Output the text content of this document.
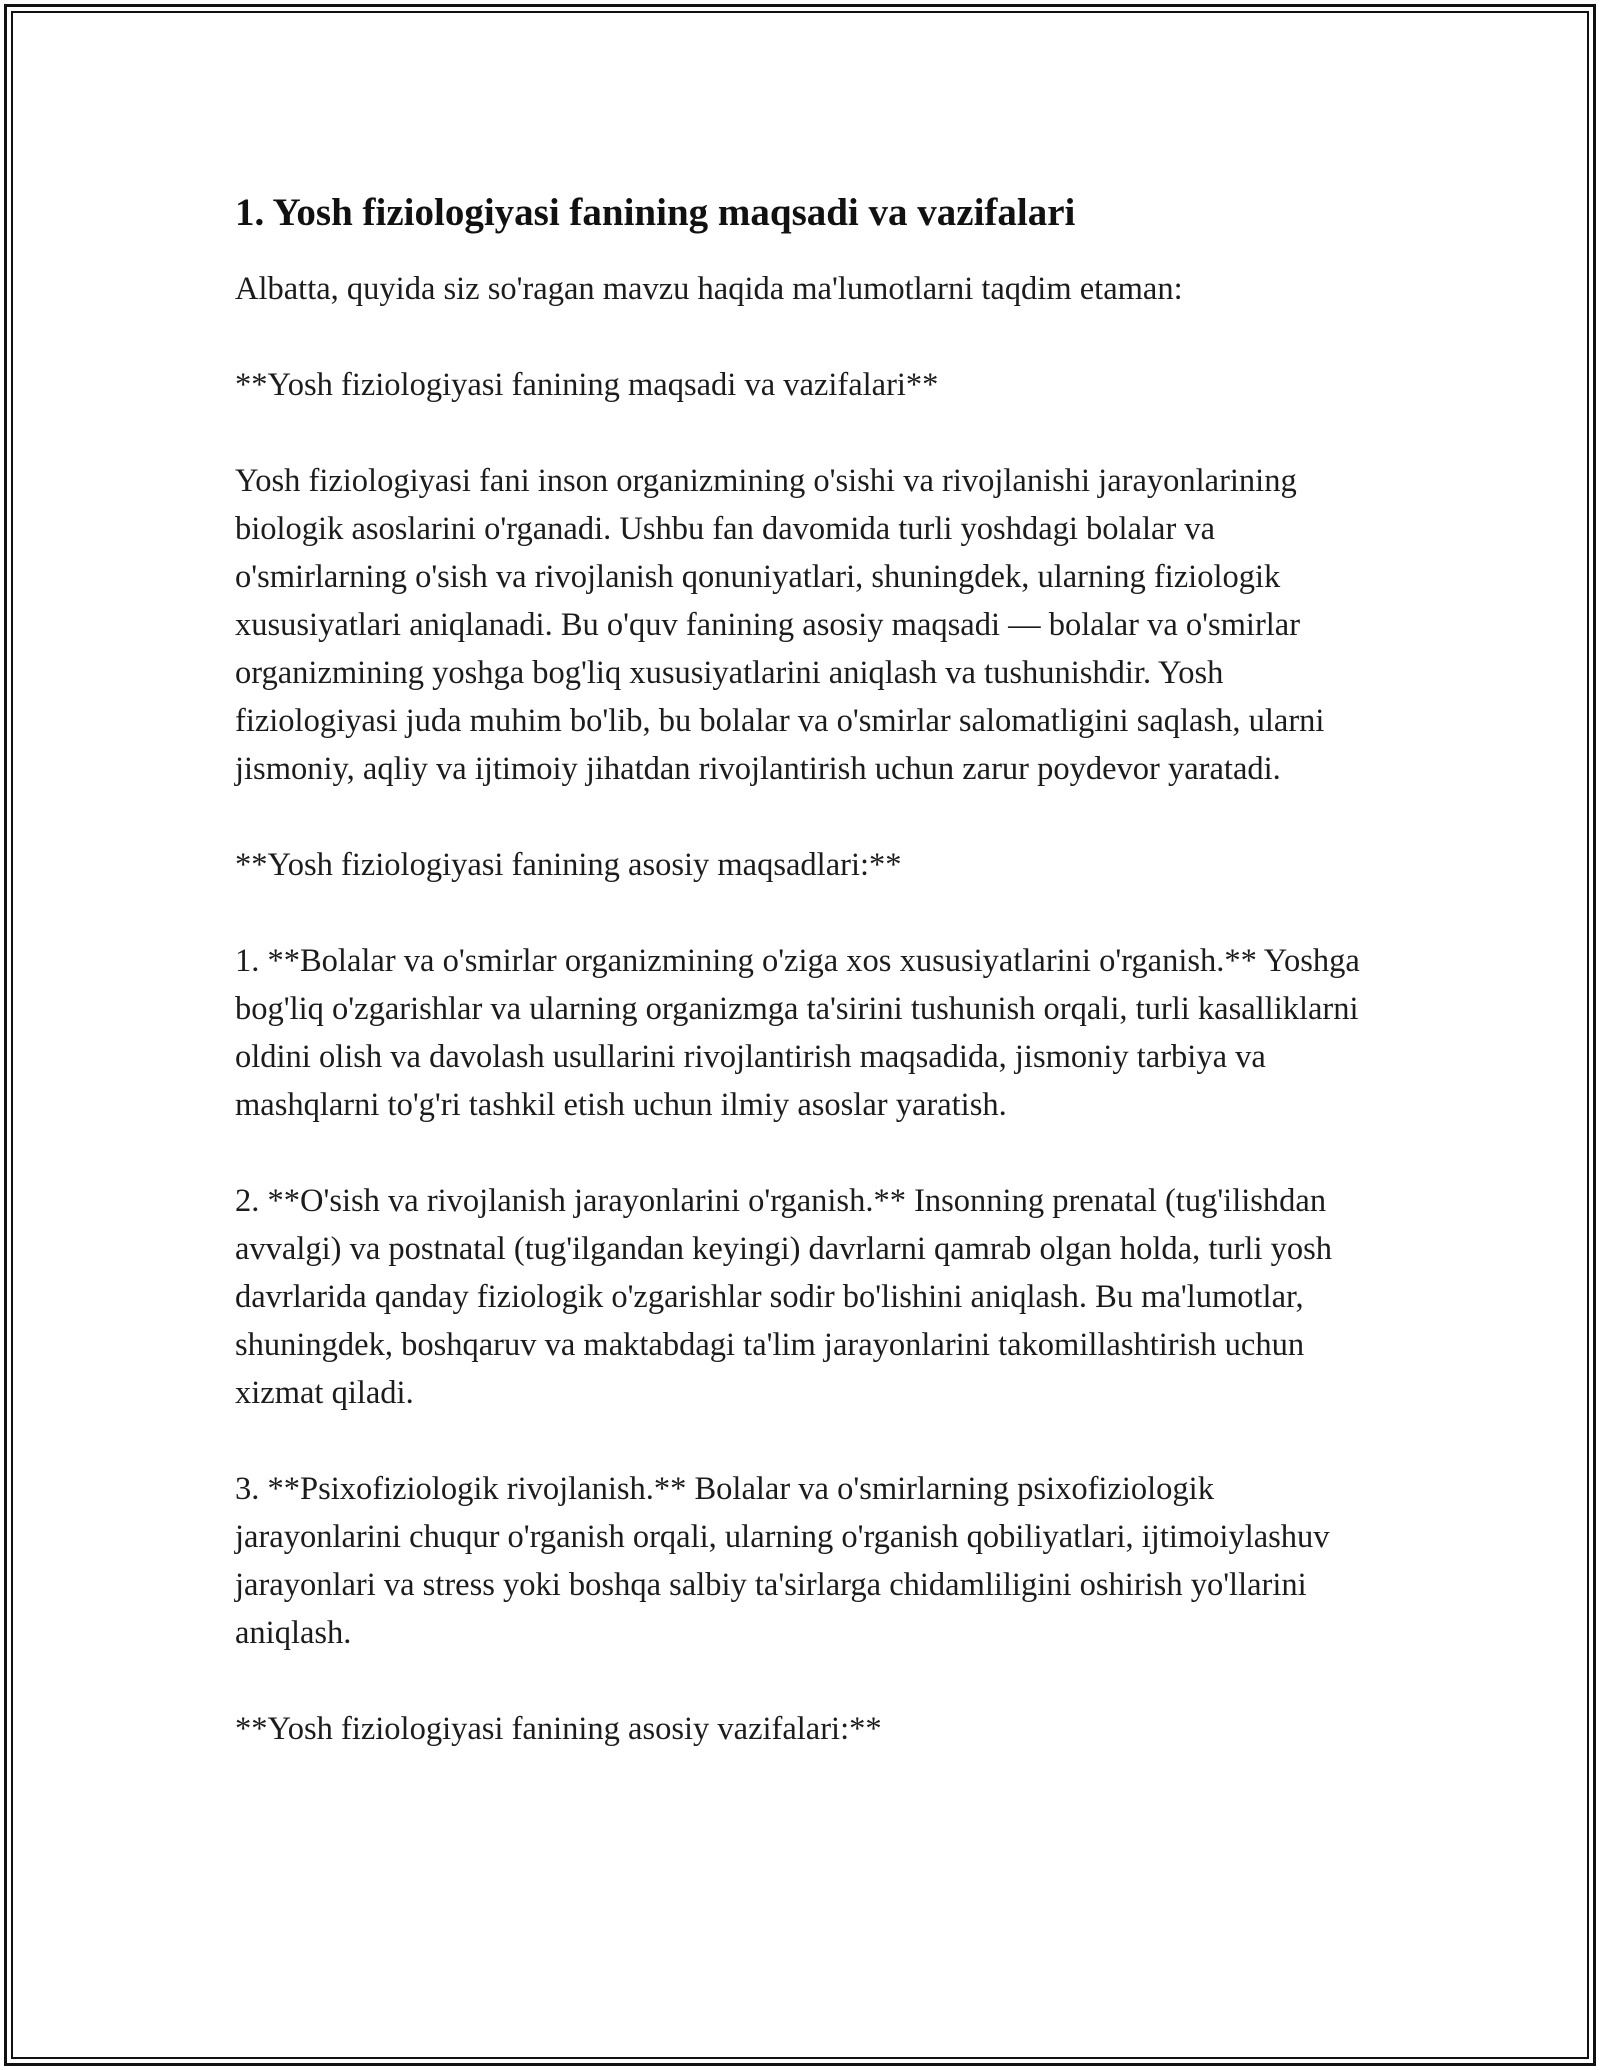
1. Yosh fiziologiyasi fanining maqsadi va vazifalari

Albatta, quyida siz so'ragan mavzu haqida ma'lumotlarni taqdim etaman:

**Yosh fiziologiyasi fanining maqsadi va vazifalari**

Yosh fiziologiyasi fani inson organizmining o'sishi va rivojlanishi jarayonlarining biologik asoslarini o'rganadi. Ushbu fan davomida turli yoshdagi bolalar va o'smirlarning o'sish va rivojlanish qonuniyatlari, shuningdek, ularning fiziologik xususiyatlari aniqlanadi. Bu o'quv fanining asosiy maqsadi — bolalar va o'smirlar organizmining yoshga bog'liq xususiyatlarini aniqlash va tushunishdir. Yosh fiziologiyasi juda muhim bo'lib, bu bolalar va o'smirlar salomatligini saqlash, ularni jismoniy, aqliy va ijtimoiy jihatdan rivojlantirish uchun zarur poydevor yaratadi.

**Yosh fiziologiyasi fanining asosiy maqsadlari:**

1. **Bolalar va o'smirlar organizmining o'ziga xos xususiyatlarini o'rganish.** Yoshga bog'liq o'zgarishlar va ularning organizmga ta'sirini tushunish orqali, turli kasalliklarni oldini olish va davolash usullarini rivojlantirish maqsadida, jismoniy tarbiya va mashqlarni to'g'ri tashkil etish uchun ilmiy asoslar yaratish.

2. **O'sish va rivojlanish jarayonlarini o'rganish.** Insonning prenatal (tug'ilishdan avvalgi) va postnatal (tug'ilgandan keyingi) davrlarni qamrab olgan holda, turli yosh davrlarida qanday fiziologik o'zgarishlar sodir bo'lishini aniqlash. Bu ma'lumotlar, shuningdek, boshqaruv va maktabdagi ta'lim jarayonlarini takomillashtirish uchun xizmat qiladi.

3. **Psixofiziologik rivojlanish.** Bolalar va o'smirlarning psixofiziologik jarayonlarini chuqur o'rganish orqali, ularning o'rganish qobiliyatlari, ijtimoiylashuv jarayonlari va stress yoki boshqa salbiy ta'sirlarga chidamliligini oshirish yo'llarini aniqlash.

**Yosh fiziologiyasi fanining asosiy vazifalari:**
